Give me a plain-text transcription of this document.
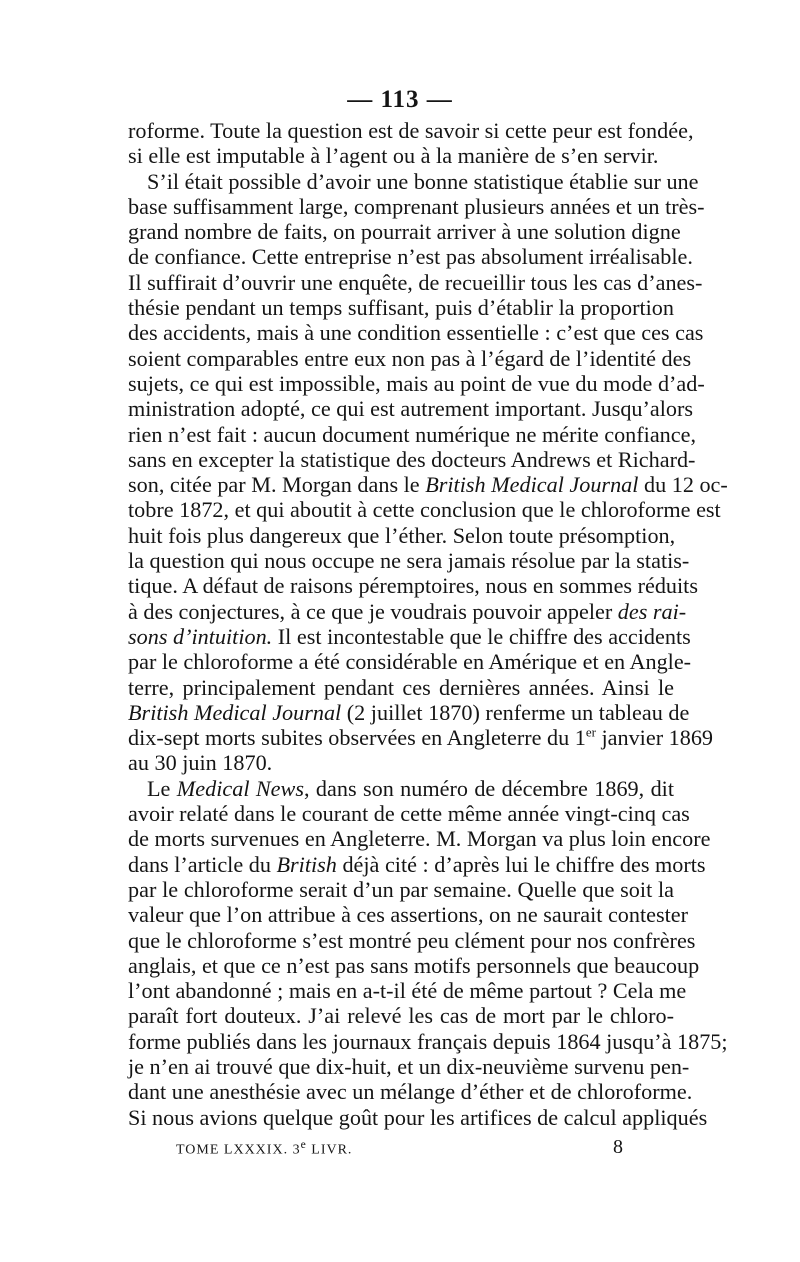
— 113 —
roforme. Toute la question est de savoir si cette peur est fondée,
si elle est imputable à l’agent ou à la manière de s’en servir.
S’il était possible d’avoir une bonne statistique établie sur une
base suffisamment large, comprenant plusieurs années et un très-
grand nombre de faits, on pourrait arriver à une solution digne
de confiance. Cette entreprise n’est pas absolument irréalisable.
Il suffirait d’ouvrir une enquête, de recueillir tous les cas d’anes-
thésie pendant un temps suffisant, puis d’établir la proportion
des accidents, mais à une condition essentielle : c’est que ces cas
soient comparables entre eux non pas à l’égard de l’identité des
sujets, ce qui est impossible, mais au point de vue du mode d’ad-
ministration adopté, ce qui est autrement important. Jusqu’alors
rien n’est fait : aucun document numérique ne mérite confiance,
sans en excepter la statistique des docteurs Andrews et Richard-
son, citée par M. Morgan dans le British Medical Journal du 12 oc-
tobre 1872, et qui aboutit à cette conclusion que le chloroforme est
huit fois plus dangereux que l’éther. Selon toute présomption,
la question qui nous occupe ne sera jamais résolue par la statis-
tique. A défaut de raisons péremptoires, nous en sommes réduits
à des conjectures, à ce que je voudrais pouvoir appeler des rai-
sons d’intuition. Il est incontestable que le chiffre des accidents
par le chloroforme a été considérable en Amérique et en Angle-
terre, principalement pendant ces dernières années. Ainsi le
British Medical Journal (2 juillet 1870) renferme un tableau de
dix-sept morts subites observées en Angleterre du 1er janvier 1869
au 30 juin 1870.
Le Medical News, dans son numéro de décembre 1869, dit
avoir relaté dans le courant de cette même année vingt-cinq cas
de morts survenues en Angleterre. M. Morgan va plus loin encore
dans l’article du British déjà cité : d’après lui le chiffre des morts
par le chloroforme serait d’un par semaine. Quelle que soit la
valeur que l’on attribue à ces assertions, on ne saurait contester
que le chloroforme s’est montré peu clément pour nos confrères
anglais, et que ce n’est pas sans motifs personnels que beaucoup
l’ont abandonné ; mais en a-t-il été de même partout ? Cela me
paraît fort douteux. J’ai relevé les cas de mort par le chloro-
forme publiés dans les journaux français depuis 1864 jusqu’à 1875;
je n’en ai trouvé que dix-huit, et un dix-neuvième survenu pen-
dant une anesthésie avec un mélange d’éther et de chloroforme.
Si nous avions quelque goût pour les artifices de calcul appliqués
TOME LXXXIX. 3e LIVR.	8
